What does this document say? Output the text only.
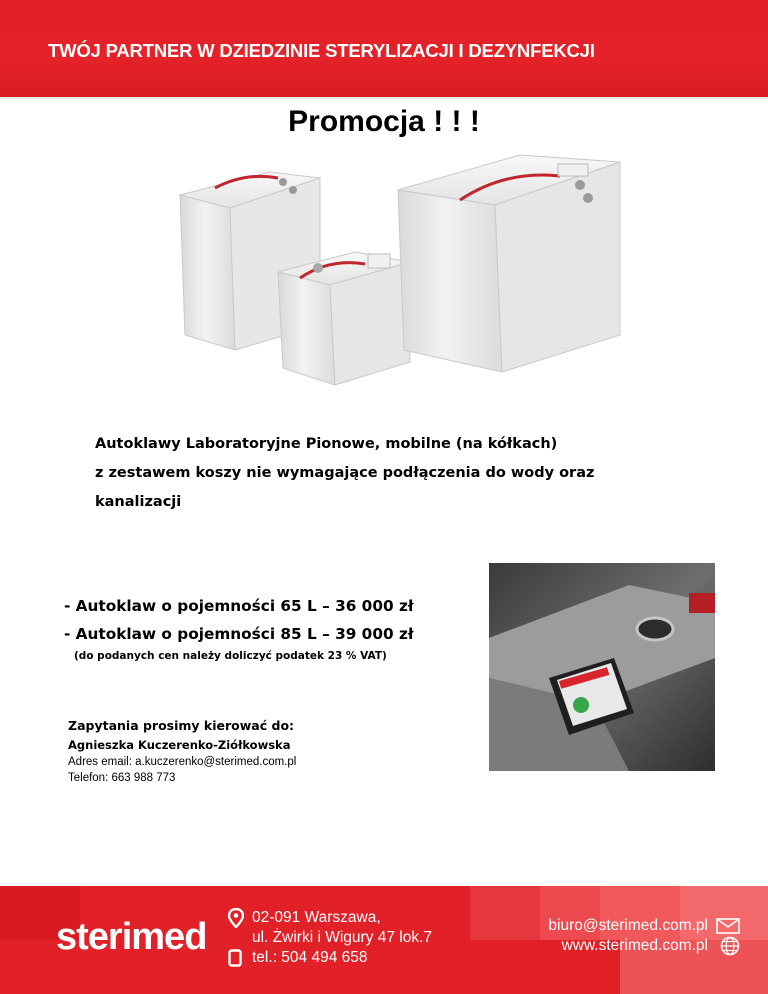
TWÓJ PARTNER W DZIEDZINIE STERYLIZACJI I DEZYNFEKCJI
Promocja ! ! !
Autoklawy Laboratoryjne Pionowe, mobilne (na kółkach)
z zestawem koszy nie wymagające podłączenia do wody oraz
kanalizacji
- Autoklaw o pojemności 65 L – 36 000 zł
- Autoklaw o pojemności 85 L – 39 000 zł
(do podanych cen należy doliczyć podatek 23 % VAT)
Zapytania prosimy kierować do:
Agnieszka Kuczerenko-Ziółkowska
Adres email: a.kuczerenko@sterimed.com.pl
Telefon: 663 988 773
sterimed	02-091 Warszawa,
ul. Żwirki i Wigury 47 lok.7
tel.: 504 494 658
biuro@sterimed.com.pl
www.sterimed.com.pl
